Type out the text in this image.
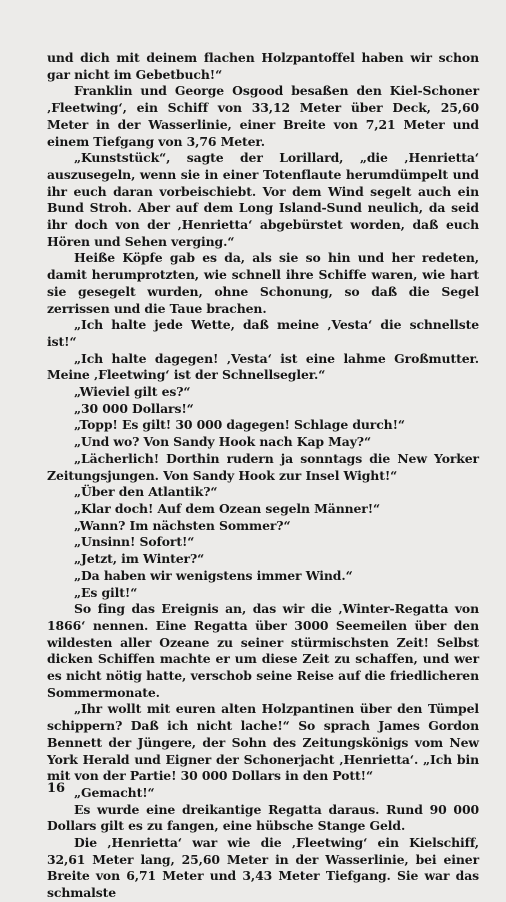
und dich mit deinem flachen Holzpantoffel haben wir schon gar nicht im Gebetbuch!“

Franklin und George Osgood besaßen den Kiel-Schoner ‚Fleetwing‘, ein Schiff von 33,12 Meter über Deck, 25,60 Meter in der Wasserlinie, einer Breite von 7,21 Meter und einem Tiefgang von 3,76 Meter.

„Kunststück“, sagte der Lorillard, „die ‚Henrietta‘ auszusegeln, wenn sie in einer Totenflaute herumdümpelt und ihr euch daran vorbeischiebt. Vor dem Wind segelt auch ein Bund Stroh. Aber auf dem Long Island-Sund neulich, da seid ihr doch von der ‚Henrietta‘ abgebürstet worden, daß euch Hören und Sehen verging.“

Heiße Köpfe gab es da, als sie so hin und her redeten, damit herumprotzten, wie schnell ihre Schiffe waren, wie hart sie gesegelt wurden, ohne Schonung, so daß die Segel zerrissen und die Taue brachen.

„Ich halte jede Wette, daß meine ‚Vesta‘ die schnellste ist!“

„Ich halte dagegen! ‚Vesta‘ ist eine lahme Großmutter. Meine ‚Fleetwing‘ ist der Schnellsegler.“

„Wieviel gilt es?“

„30 000 Dollars!“

„Topp! Es gilt! 30 000 dagegen! Schlage durch!“

„Und wo? Von Sandy Hook nach Kap May?“

„Lächerlich! Dorthin rudern ja sonntags die New Yorker Zeitungsjungen. Von Sandy Hook zur Insel Wight!“

„Über den Atlantik?“

„Klar doch! Auf dem Ozean segeln Männer!“

„Wann? Im nächsten Sommer?“

„Unsinn! Sofort!“

„Jetzt, im Winter?“

„Da haben wir wenigstens immer Wind.“

„Es gilt!“

So fing das Ereignis an, das wir die ‚Winter-Regatta von 1866‘ nennen. Eine Regatta über 3000 Seemeilen über den wildesten aller Ozeane zu seiner stürmischsten Zeit! Selbst dicken Schiffen machte er um diese Zeit zu schaffen, und wer es nicht nötig hatte, verschob seine Reise auf die friedlicheren Sommermonate.

„Ihr wollt mit euren alten Holzpantinen über den Tümpel schippern? Daß ich nicht lache!“ So sprach James Gordon Bennett der Jüngere, der Sohn des Zeitungskönigs vom New York Herald und Eigner der Schonerjacht ‚Henrietta‘. „Ich bin mit von der Partie! 30 000 Dollars in den Pott!“

„Gemacht!“

Es wurde eine dreikantige Regatta daraus. Rund 90 000 Dollars gilt es zu fangen, eine hübsche Stange Geld.

Die ‚Henrietta‘ war wie die ‚Fleetwing‘ ein Kielschiff, 32,61 Meter lang, 25,60 Meter in der Wasserlinie, bei einer Breite von 6,71 Meter und 3,43 Meter Tiefgang. Sie war das schmalste

16
